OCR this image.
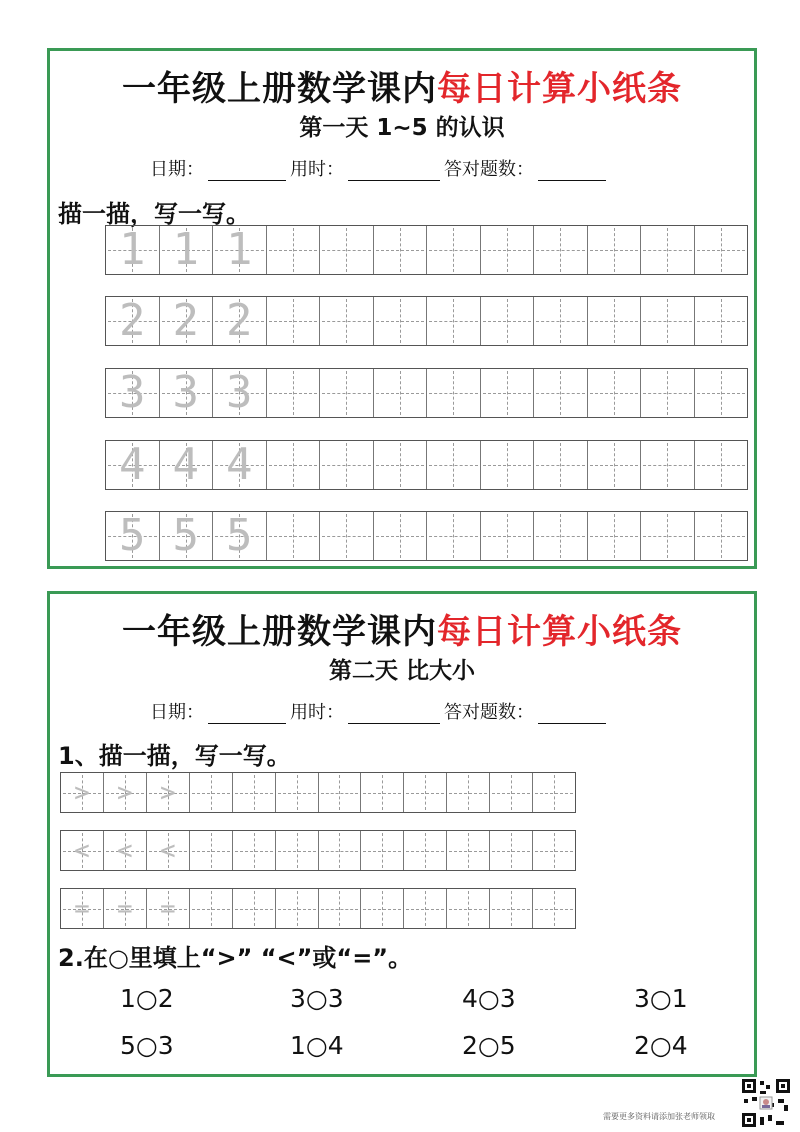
一年级上册数学课内每日计算小纸条
第一天 1~5 的认识
日期：	用时：	答对题数：
描一描，写一写。
1 1 1
2 2 2
3 3 3
4 4 4
5 5 5
一年级上册数学课内每日计算小纸条
第二天 比大小
日期：	用时：	答对题数：
1、描一描，写一写。
>	>	>
<	<	<
=	=	=
2.在○里填上“>” “<”或“=”。
1○2	3○3	4○3	3○1
5○3	1○4	2○5	2○4
需要更多资料请添加张老师领取
